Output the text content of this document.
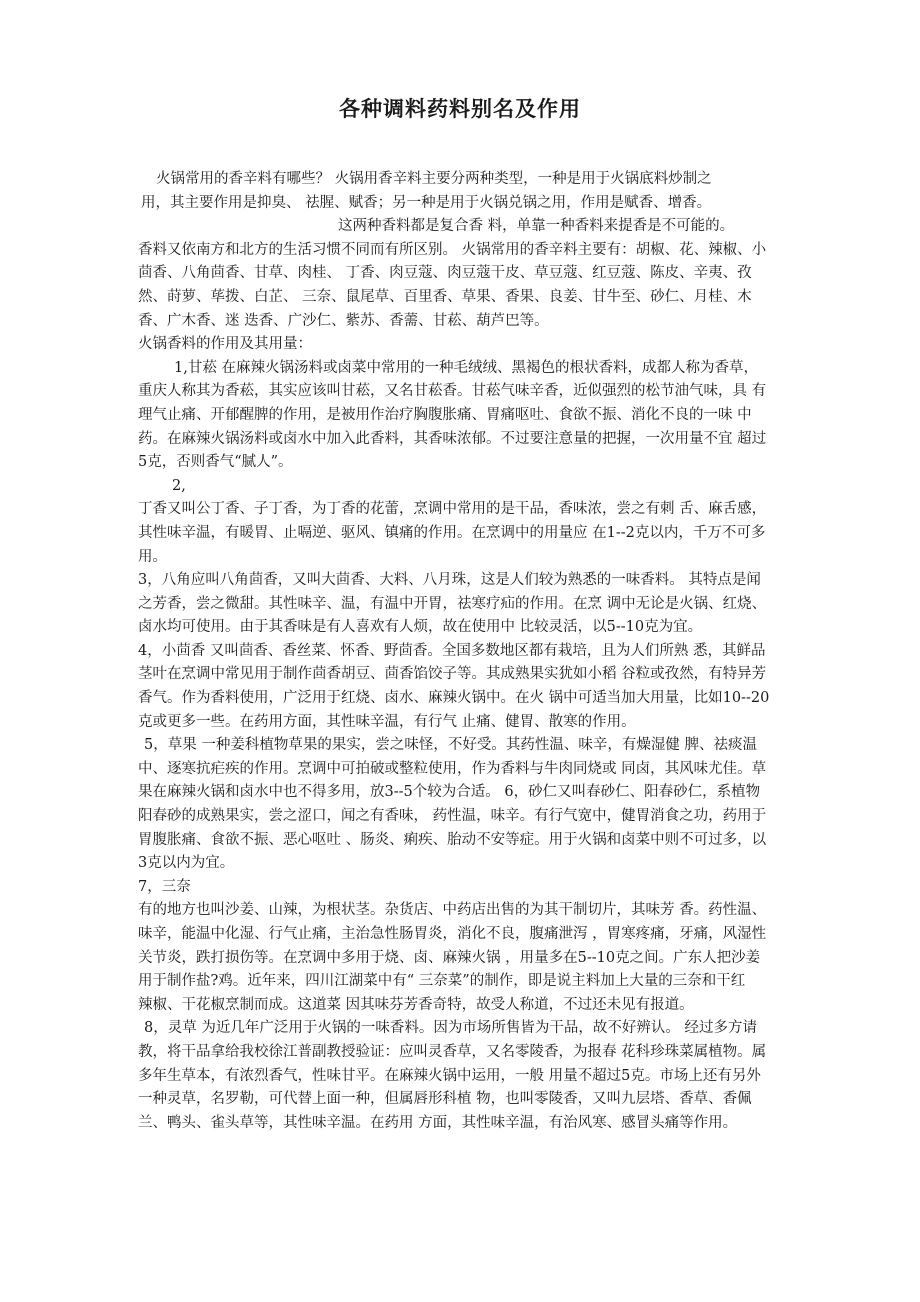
各种调料药料别名及作用
火锅常用的香辛料有哪些？ 火锅用香辛料主要分两种类型，一种是用于火锅底料炒制之
用，其主要作用是抑臭、 祛腥、赋香；另一种是用于火锅兑锅之用，作用是赋香、增香。
这两种香料都是复合香 料，单靠一种香料来提香是不可能的。
香料又依南方和北方的生活习惯不同而有所区别。 火锅常用的香辛料主要有：胡椒、花、辣椒、小
茴香、八角茴香、甘草、肉桂、 丁香、肉豆蔻、肉豆蔻干皮、草豆蔻、红豆蔻、陈皮、辛夷、孜
然、莳萝、荜拨、白芷、 三奈、鼠尾草、百里香、草果、香果、良姜、甘牛至、砂仁、月桂、木
香、广木香、迷 迭香、广沙仁、紫苏、香薷、甘菘、葫芦巴等。
火锅香料的作用及其用量：
1,甘菘 在麻辣火锅汤料或卤菜中常用的一种毛绒绒、黑褐色的根状香料，成都人称为香草，
重庆人称其为香菘，其实应该叫甘菘，又名甘菘香。甘菘气味辛香，近似强烈的松节油气味，具 有
理气止痛、开郁醒脾的作用，是被用作治疗胸腹胀痛、胃痛呕吐、食欲不振、消化不良的一味 中
药。在麻辣火锅汤料或卤水中加入此香料，其香味浓郁。不过要注意量的把握，一次用量不宜 超过
5克，否则香气“腻人”。
2,
丁香又叫公丁香、子丁香，为丁香的花蕾，烹调中常用的是干品，香味浓，尝之有刺 舌、麻舌感，
其性味辛温，有暖胃、止嗝逆、驱风、镇痛的作用。在烹调中的用量应 在1--2克以内，千万不可多
用。
3，八角应叫八角茴香，又叫大茴香、大料、八月珠，这是人们较为熟悉的一味香料。 其特点是闻
之芳香，尝之微甜。其性味辛、温，有温中开胃，祛寒疗疝的作用。在烹 调中无论是火锅、红烧、
卤水均可使用。由于其香味是有人喜欢有人烦，故在使用中 比较灵活，以5--10克为宜。
4，小茴香 又叫茴香、香丝菜、怀香、野茴香。全国多数地区都有栽培，且为人们所熟 悉，其鲜品
茎叶在烹调中常见用于制作茴香胡豆、茴香馅饺子等。其成熟果实犹如小稻 谷粒或孜然，有特异芳
香气。作为香料使用，广泛用于红烧、卤水、麻辣火锅中。在火 锅中可适当加大用量，比如10--20
克或更多一些。在药用方面，其性味辛温，有行气 止痛、健胃、散寒的作用。
5，草果 一种姜科植物草果的果实，尝之味怪，不好受。其药性温、味辛，有燥湿健 脾、祛痰温
中、逐寒抗疟疾的作用。烹调中可拍破或整粒使用，作为香料与牛肉同烧或 同卤，其风味尤佳。草
果在麻辣火锅和卤水中也不得多用，放3--5个较为合适。 6，砂仁又叫春砂仁、阳春砂仁，系植物
阳春砂的成熟果实，尝之涩口，闻之有香味， 药性温，味辛。有行气宽中，健胃消食之功，药用于
胃腹胀痛、食欲不振、恶心呕吐 、肠炎、痢疾、胎动不安等症。用于火锅和卤菜中则不可过多，以
3克以内为宜。
7，三奈
有的地方也叫沙姜、山辣，为根状茎。杂货店、中药店出售的为其干制切片，其味芳 香。药性温、
味辛，能温中化湿、行气止痛，主治急性肠胃炎，消化不良，腹痛泄泻 ，胃寒疼痛，牙痛，风湿性
关节炎，跌打损伤等。在烹调中多用于烧、卤、麻辣火锅 ，用量多在5--10克之间。广东人把沙姜
用于制作盐?鸡。近年来，四川江湖菜中有“ 三奈菜”的制作，即是说主料加上大量的三奈和干红
辣椒、干花椒烹制而成。这道菜 因其味芬芳香奇特，故受人称道，不过还未见有报道。
8，灵草 为近几年广泛用于火锅的一味香料。因为市场所售皆为干品，故不好辨认。 经过多方请
教，将干品拿给我校徐江普副教授验证：应叫灵香草，又名零陵香，为报春 花科珍珠菜属植物。属
多年生草本，有浓烈香气，性味甘平。在麻辣火锅中运用，一般 用量不超过5克。市场上还有另外
一种灵草，名罗勒，可代替上面一种，但属唇形科植 物，也叫零陵香，又叫九层塔、香草、香佩
兰、鸭头、雀头草等，其性味辛温。在药用 方面，其性味辛温，有治风寒、感冒头痛等作用。
